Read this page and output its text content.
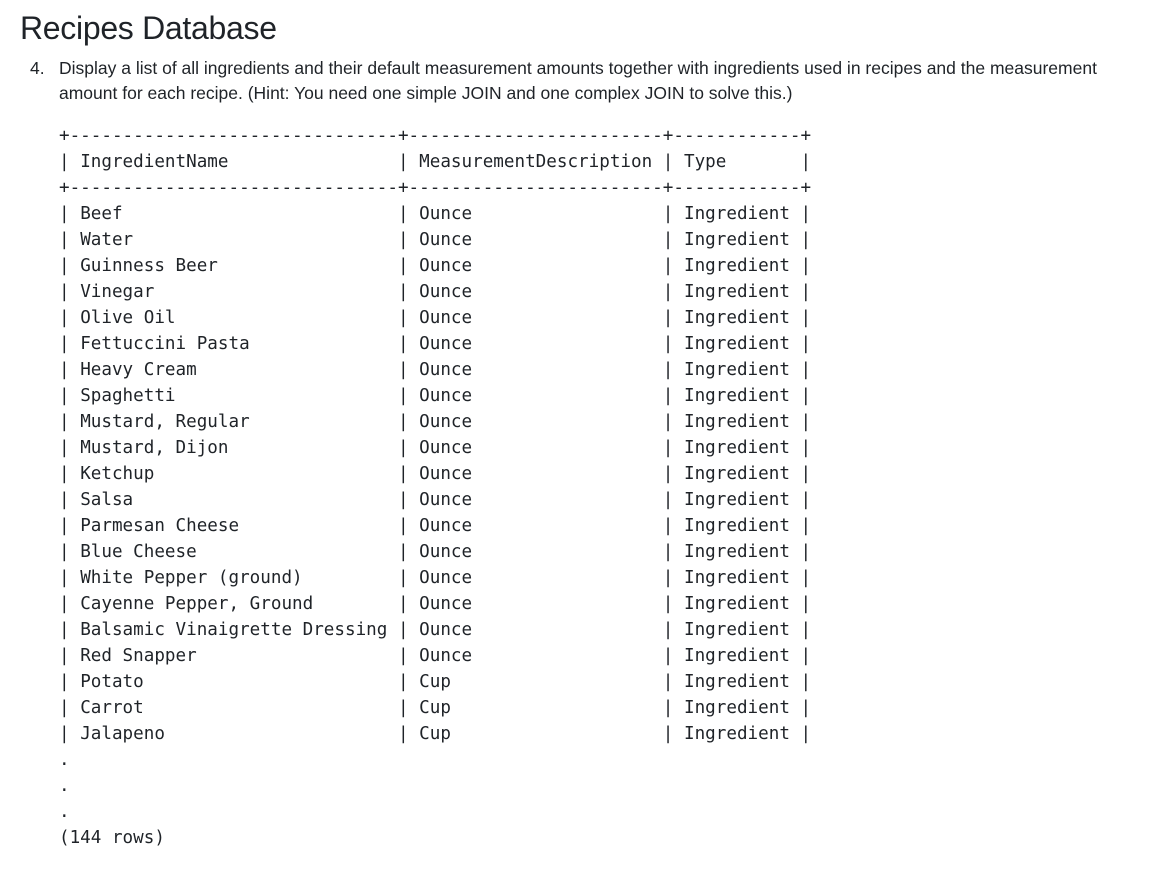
Recipes Database
4. Display a list of all ingredients and their default measurement amounts together with ingredients used in recipes and the measurement amount for each recipe. (Hint: You need one simple JOIN and one complex JOIN to solve this.)
+-------------------------------+------------------------+------------+
| IngredientName                | MeasurementDescription | Type       |
+-------------------------------+------------------------+------------+
| Beef                          | Ounce                  | Ingredient |
| Water                         | Ounce                  | Ingredient |
| Guinness Beer                 | Ounce                  | Ingredient |
| Vinegar                       | Ounce                  | Ingredient |
| Olive Oil                     | Ounce                  | Ingredient |
| Fettuccini Pasta              | Ounce                  | Ingredient |
| Heavy Cream                   | Ounce                  | Ingredient |
| Spaghetti                     | Ounce                  | Ingredient |
| Mustard, Regular              | Ounce                  | Ingredient |
| Mustard, Dijon                | Ounce                  | Ingredient |
| Ketchup                       | Ounce                  | Ingredient |
| Salsa                         | Ounce                  | Ingredient |
| Parmesan Cheese               | Ounce                  | Ingredient |
| Blue Cheese                   | Ounce                  | Ingredient |
| White Pepper (ground)         | Ounce                  | Ingredient |
| Cayenne Pepper, Ground        | Ounce                  | Ingredient |
| Balsamic Vinaigrette Dressing | Ounce                  | Ingredient |
| Red Snapper                   | Ounce                  | Ingredient |
| Potato                        | Cup                    | Ingredient |
| Carrot                        | Cup                    | Ingredient |
| Jalapeno                      | Cup                    | Ingredient |
.
.
.
(144 rows)
